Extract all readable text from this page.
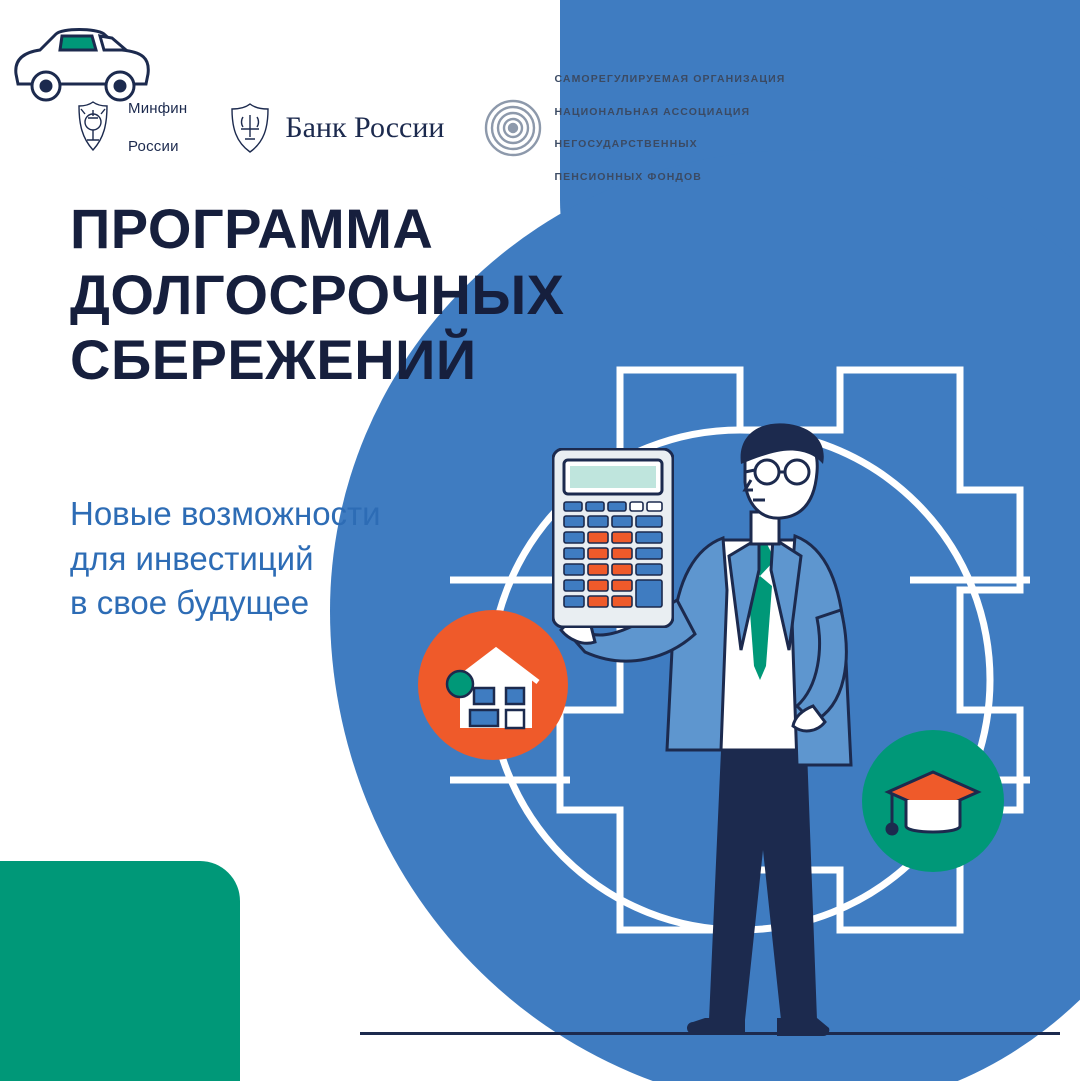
Минфин

России

Банк России

САМОРЕГУЛИРУЕМАЯ ОРГАНИЗАЦИЯ

НАЦИОНАЛЬНАЯ АССОЦИАЦИЯ

НЕГОСУДАРСТВЕННЫХ

ПЕНСИОННЫХ ФОНДОВ

ПРОГРАММА
ДОЛГОСРОЧНЫХ
СБЕРЕЖЕНИЙ
Новые возможности
для инвестиций
в свое будущее
